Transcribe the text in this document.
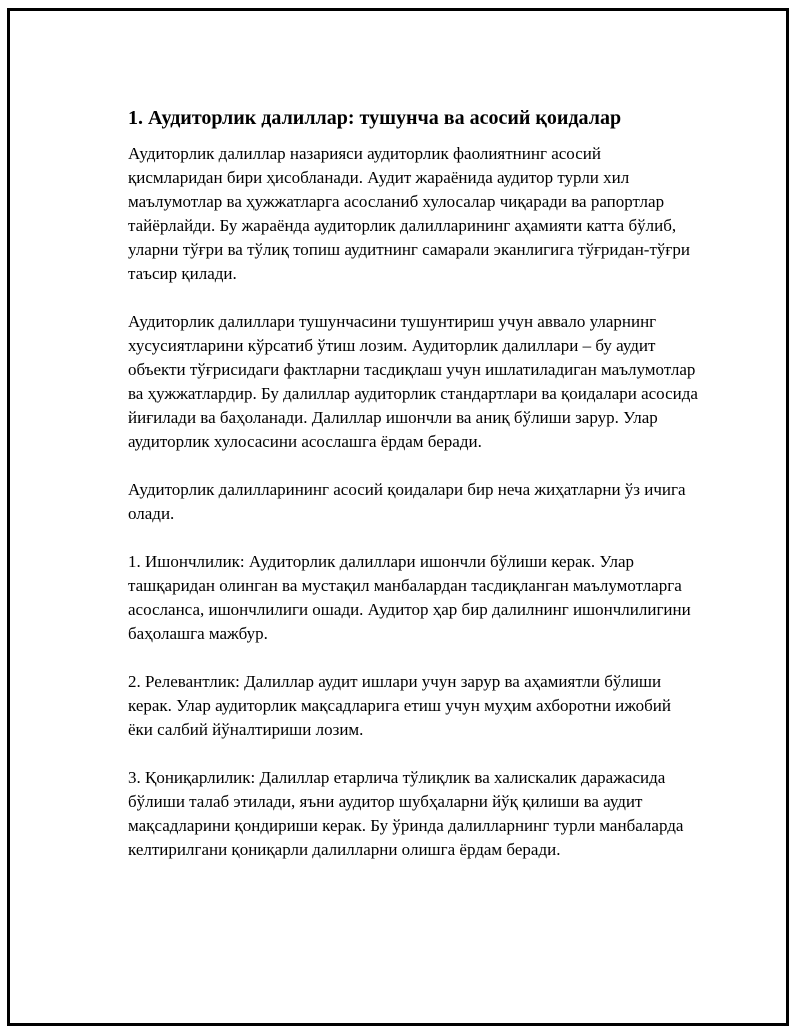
1. Аудиторлик далиллар: тушунча ва асосий қоидалар

Аудиторлик далиллар назарияси аудиторлик фаолиятнинг асосий қисмларидан бири ҳисобланади. Аудит жараёнида аудитор турли хил маълумотлар ва ҳужжатларга асосланиб хулосалар чиқаради ва рапортлар тайёрлайди. Бу жараёнда аудиторлик далилларининг аҳамияти катта бўлиб, уларни тўғри ва тўлиқ топиш аудитнинг самарали эканлигига тўғридан-тўғри таъсир қилади.

Аудиторлик далиллари тушунчасини тушунтириш учун аввало уларнинг хусусиятларини кўрсатиб ўтиш лозим. Аудиторлик далиллари – бу аудит объекти тўғрисидаги фактларни тасдиқлаш учун ишлатиладиган маълумотлар ва ҳужжатлардир. Бу далиллар аудиторлик стандартлари ва қоидалари асосида йиғилади ва баҳоланади. Далиллар ишончли ва аниқ бўлиши зарур. Улар аудиторлик хулосасини асослашга ёрдам беради.

Аудиторлик далилларининг асосий қоидалари бир неча жиҳатларни ўз ичига олади.

1. Ишончлилик: Аудиторлик далиллари ишончли бўлиши керак. Улар ташқаридан олинган ва мустақил манбалардан тасдиқланган маълумотларга асосланса, ишончлилиги ошади. Аудитор ҳар бир далилнинг ишончлилигини баҳолашга мажбур.

2. Релевантлик: Далиллар аудит ишлари учун зарур ва аҳамиятли бўлиши керак. Улар аудиторлик мақсадларига етиш учун муҳим ахборотни ижобий ёки салбий йўналтириши лозим.

3. Қониқарлилик: Далиллар етарлича тўлиқлик ва халискалик даражасида бўлиши талаб этилади, яъни аудитор шубҳаларни йўқ қилиши ва аудит мақсадларини қондириши керак. Бу ўринда далилларнинг турли манбаларда келтирилгани қониқарли далилларни олишга ёрдам беради.
